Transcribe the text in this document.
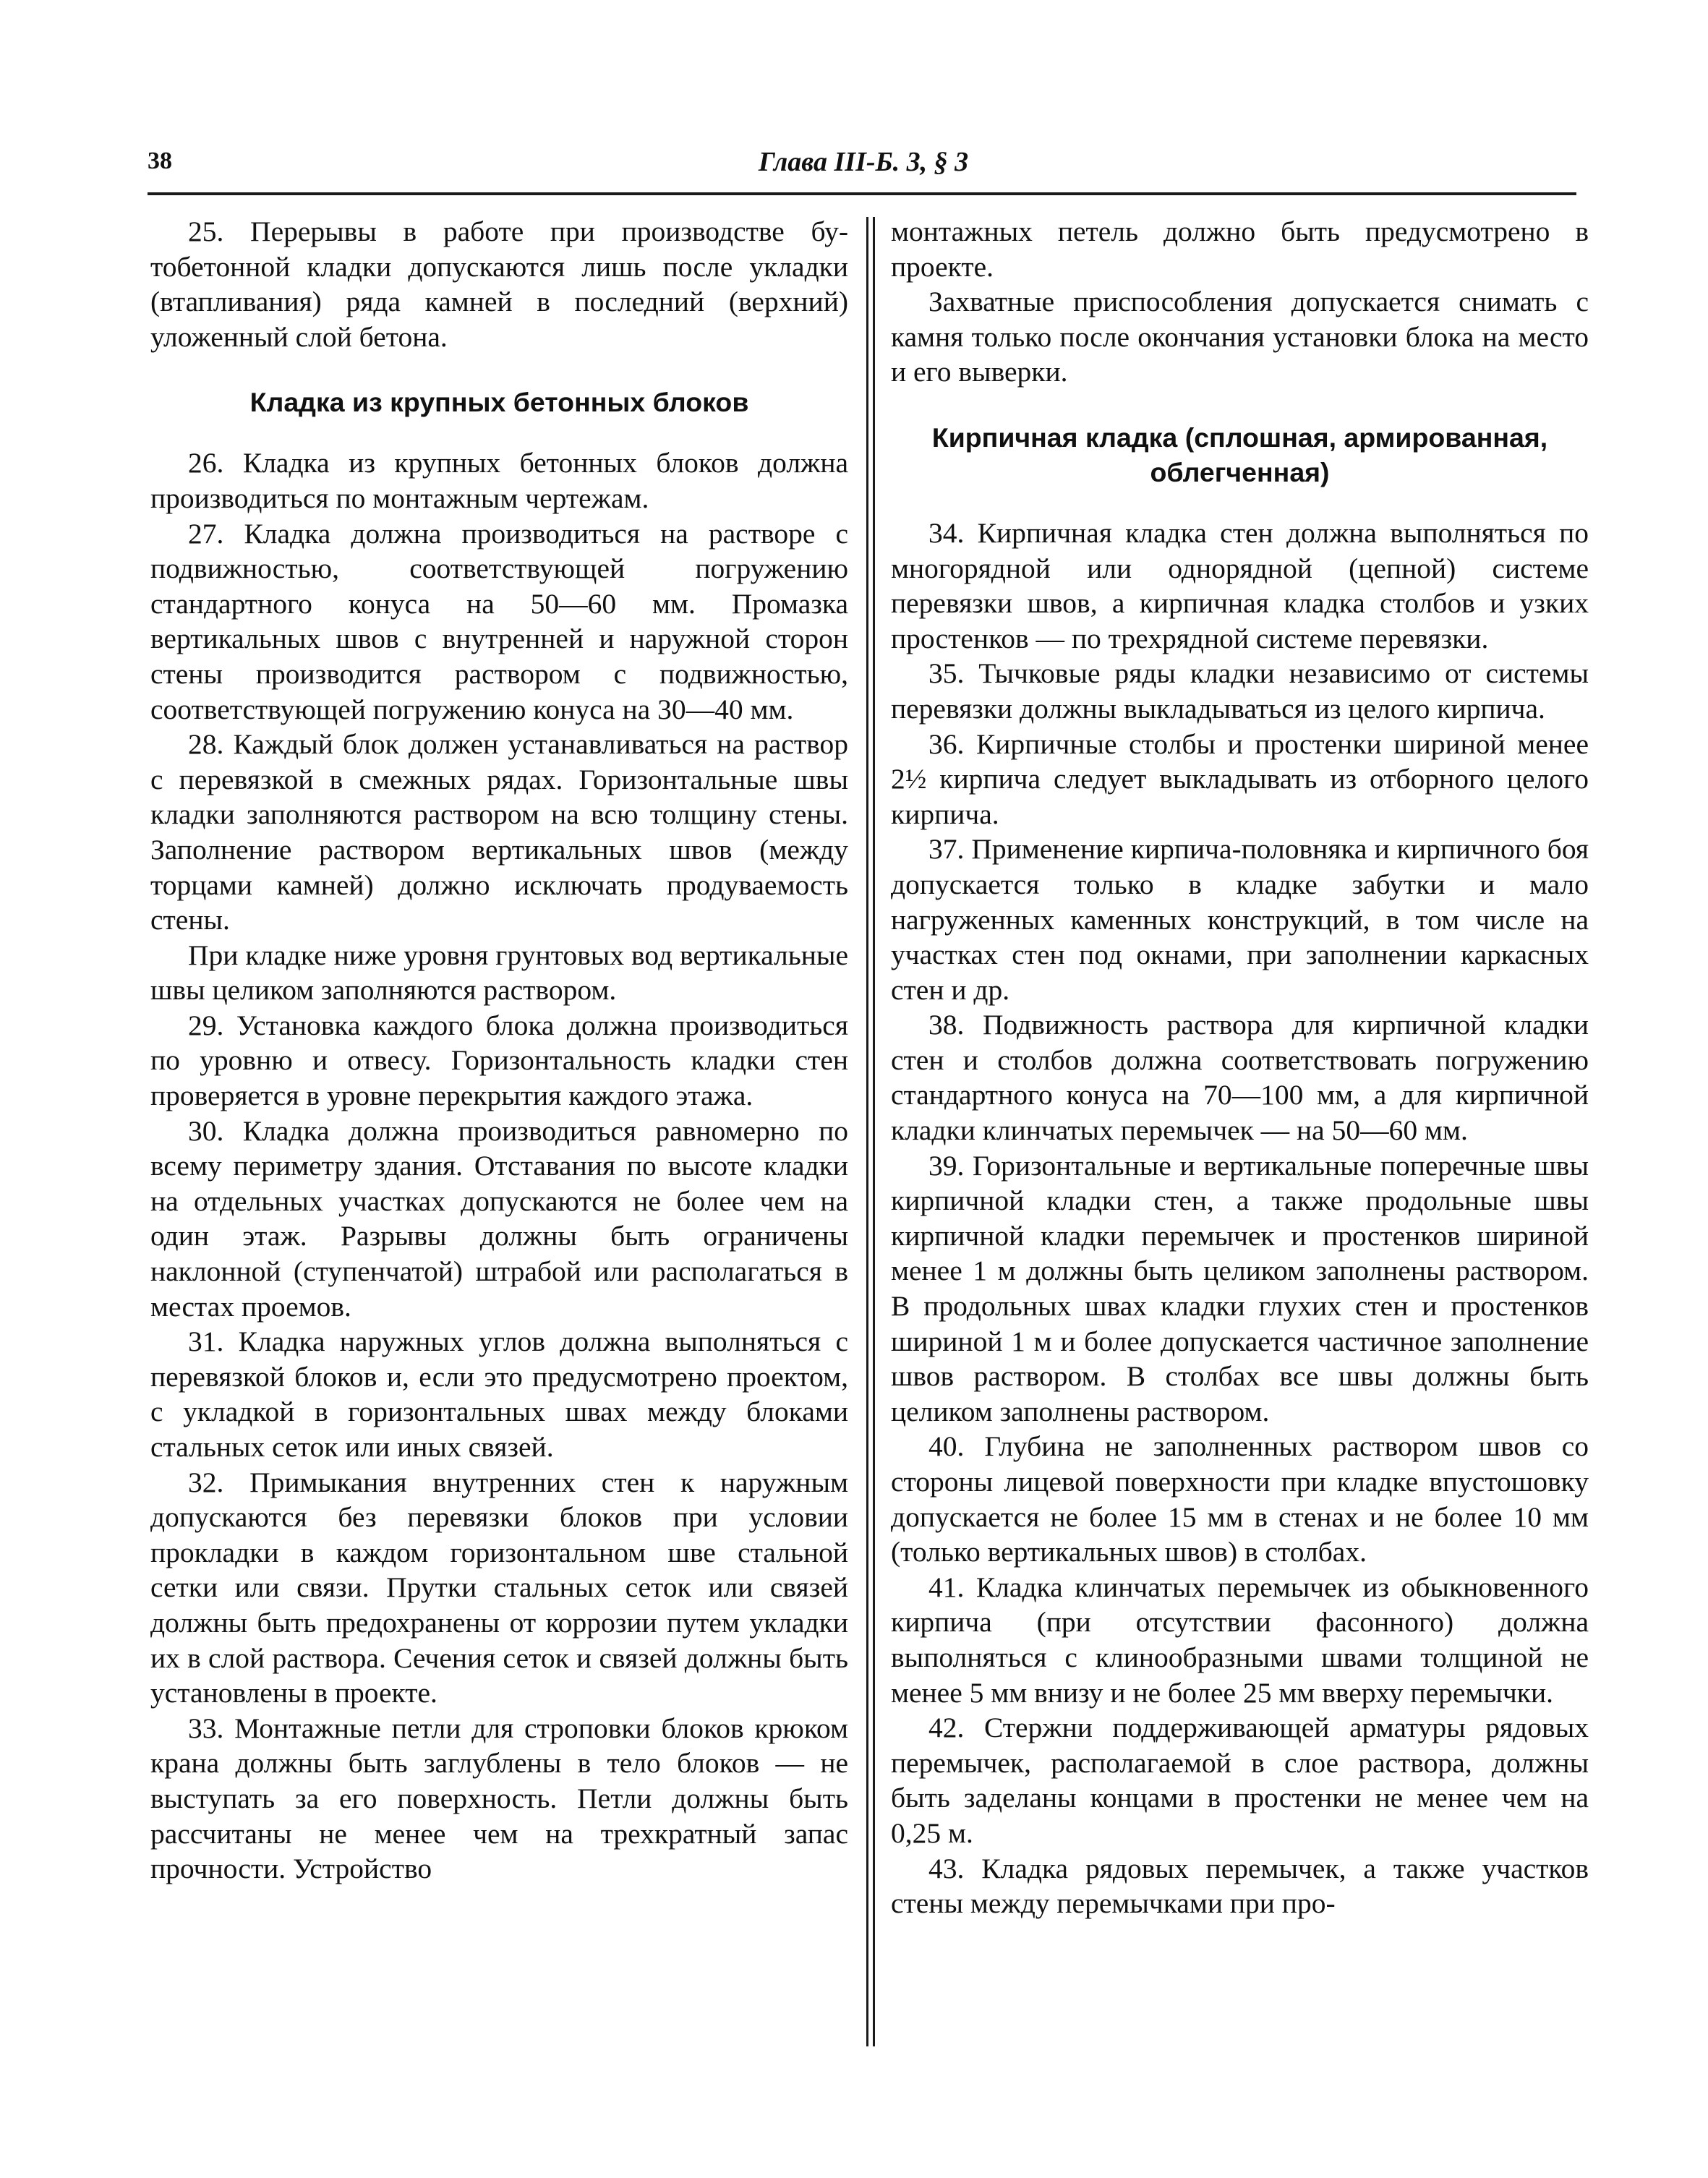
38	Глава III-Б. 3, § 3

25. Перерывы в работе при производстве бутобетонной кладки допускаются лишь после укладки (втапливания) ряда камней в последний (верхний) уложенный слой бетона.

Кладка из крупных бетонных блоков

26. Кладка из крупных бетонных блоков должна производиться по монтажным чертежам.

27. Кладка должна производиться на растворе с подвижностью, соответствующей погружению стандартного конуса на 50—60 мм. Промазка вертикальных швов с внутренней и наружной сторон стены производится раствором с подвижностью, соответствующей погружению конуса на 30—40 мм.

28. Каждый блок должен устанавливаться на раствор с перевязкой в смежных рядах. Горизонтальные швы кладки заполняются раствором на всю толщину стены. Заполнение раствором вертикальных швов (между торцами камней) должно исключать продуваемость стены.

При кладке ниже уровня грунтовых вод вертикальные швы целиком заполняются раствором.

29. Установка каждого блока должна производиться по уровню и отвесу. Горизонтальность кладки стен проверяется в уровне перекрытия каждого этажа.

30. Кладка должна производиться равномерно по всему периметру здания. Отставания по высоте кладки на отдельных участках допускаются не более чем на один этаж. Разрывы должны быть ограничены наклонной (ступенчатой) штрабой или располагаться в местах проемов.

31. Кладка наружных углов должна выполняться с перевязкой блоков и, если это предусмотрено проектом, с укладкой в горизонтальных швах между блоками стальных сеток или иных связей.

32. Примыкания внутренних стен к наружным допускаются без перевязки блоков при условии прокладки в каждом горизонтальном шве стальной сетки или связи. Прутки стальных сеток или связей должны быть предохранены от коррозии путем укладки их в слой раствора. Сечения сеток и связей должны быть установлены в проекте.

33. Монтажные петли для строповки блоков крюком крана должны быть заглублены в тело блоков — не выступать за его поверхность. Петли должны быть рассчитаны не менее чем на трехкратный запас прочности. Устройство

монтажных петель должно быть предусмотрено в проекте.

Захватные приспособления допускается снимать с камня только после окончания установки блока на место и его выверки.

Кирпичная кладка (сплошная, армированная, облегченная)

34. Кирпичная кладка стен должна выполняться по многорядной или однорядной (цепной) системе перевязки швов, а кирпичная кладка столбов и узких простенков — по трехрядной системе перевязки.

35. Тычковые ряды кладки независимо от системы перевязки должны выкладываться из целого кирпича.

36. Кирпичные столбы и простенки шириной менее 2½ кирпича следует выкладывать из отборного целого кирпича.

37. Применение кирпича-половняка и кирпичного боя допускается только в кладке забутки и мало нагруженных каменных конструкций, в том числе на участках стен под окнами, при заполнении каркасных стен и др.

38. Подвижность раствора для кирпичной кладки стен и столбов должна соответствовать погружению стандартного конуса на 70—100 мм, а для кирпичной кладки клинчатых перемычек — на 50—60 мм.

39. Горизонтальные и вертикальные поперечные швы кирпичной кладки стен, а также продольные швы кирпичной кладки перемычек и простенков шириной менее 1 м должны быть целиком заполнены раствором. В продольных швах кладки глухих стен и простенков шириной 1 м и более допускается частичное заполнение швов раствором. В столбах все швы должны быть целиком заполнены раствором.

40. Глубина не заполненных раствором швов со стороны лицевой поверхности при кладке впустошовку допускается не более 15 мм в стенах и не более 10 мм (только вертикальных швов) в столбах.

41. Кладка клинчатых перемычек из обыкновенного кирпича (при отсутствии фасонного) должна выполняться с клинообразными швами толщиной не менее 5 мм внизу и не более 25 мм вверху перемычки.

42. Стержни поддерживающей арматуры рядовых перемычек, располагаемой в слое раствора, должны быть заделаны концами в простенки не менее чем на 0,25 м.

43. Кладка рядовых перемычек, а также участков стены между перемычками при про-
